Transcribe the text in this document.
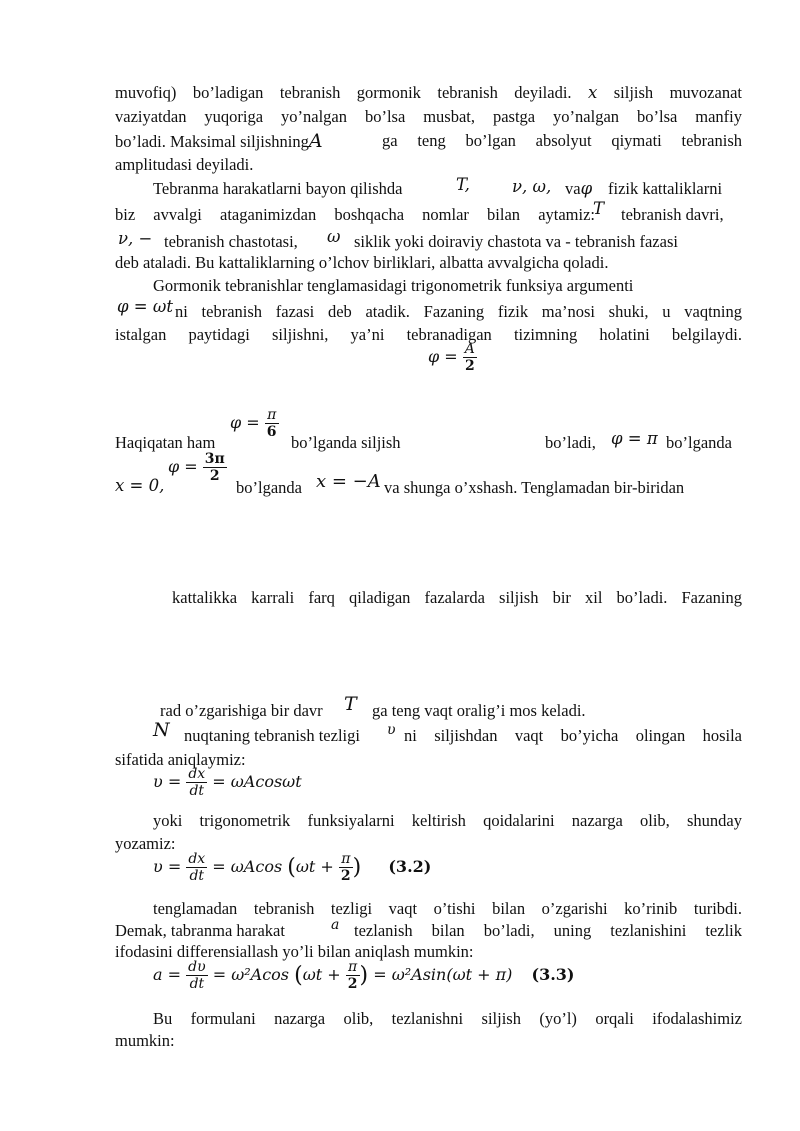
muvofiq) bo’ladigan tebranish gormonik tebranish deyiladi. x siljish muvozanat
vaziyatdan yuqoriga yo’nalgan bo’lsa musbat, pastga yo’nalgan bo’lsa manfiy
bo’ladi. Maksimal siljishningA	ga teng bo’lgan absolyut qiymati tebranish
amplitudasi deyiladi.
Tebranma harakatlarni bayon qilishda	T,	ν, ω, vaφ fizik kattaliklarni
biz avvalgi ataganimizdan boshqacha nomlar bilan aytamiz:
T tebranish davri,
ν, − tebranish chastotasi, ω siklik yoki doiraviy chastota va - tebranish fazasi
deb ataladi. Bu kattaliklarning o’lchov birliklari, albatta avvalgicha qoladi.
Gormonik tebranishlar tenglamasidagi trigonometrik funksiya argumenti
φ = ωt ni tebranish fazasi deb atadik. Fazaning fizik ma’nosi shuki, u vaqtning
istalgan paytidagi siljishni, ya’ni tebranadigan tizimning holatini belgilaydi.
$\varphi = \frac{A}{2}$
Haqiqatan ham
$\varphi = \frac{\pi}{6}$
bo’lganda siljish	bo’ladi, φ = π bo’lganda
x = 0,
$\varphi = \frac{3\pi}{2}$
bo’lganda x = −A va shunga o’xshash. Tenglamadan bir-biridan
kattalikka karrali farq qiladigan fazalarda siljish bir xil bo’ladi. Fazaning
rad o’zgarishiga bir davr T ga teng vaqt oralig’i mos keladi.
N nuqtaning tebranish tezligi υ ni siljishdan vaqt bo’yicha olingan hosila
sifatida aniqlaymiz:
$\upsilon = \frac{dx}{dt} = \omega Acos\omega t$
yoki trigonometrik funksiyalarni keltirish qoidalarini nazarga olib, shunday
yozamiz:
$\upsilon = \frac{dx}{dt} = \omega Acos$ ($\omega t + \frac{\pi}{2}$ ) (3.2)
tenglamadan tebranish tezligi vaqt o’tishi bilan o’zgarishi ko’rinib turibdi.
Demak, tabranma harakat	a tezlanish bilan bo’ladi, uning tezlanishini tezlik
ifodasini differensiallash yo’li bilan aniqlash mumkin:
$a = \frac{d\upsilon}{dt} = \omega^2Acos$ ($\omega t + \frac{\pi}{2}$ ) = ω²Asin(ωt + π) (3.3)
Bu formulani nazarga olib, tezlanishni siljish (yo’l) orqali ifodalashimiz
mumkin:
